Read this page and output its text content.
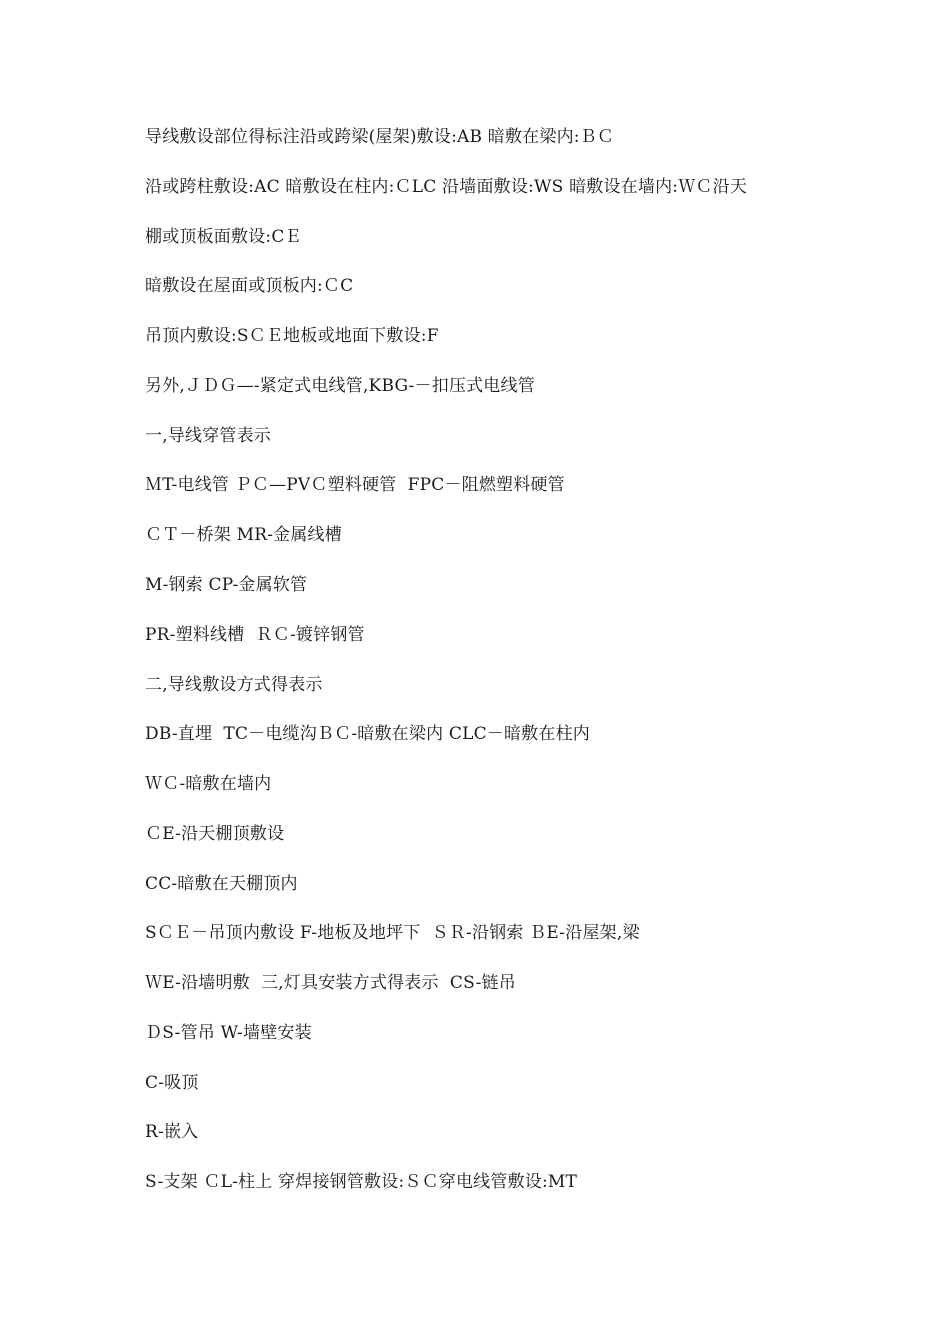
导线敷设部位得标注沿或跨梁(屋架)敷设:AB 暗敷在梁内:ＢＣ

沿或跨柱敷设:AC 暗敷设在柱内:ＣLC 沿墙面敷设:WS 暗敷设在墙内:ＷＣ沿天

棚或顶板面敷设:CＥ

暗敷设在屋面或顶板内:ＣC

吊顶内敷设:SＣＥ地板或地面下敷设:F

另外,ＪＤＧ—-紧定式电线管,KBG-－扣压式电线管

一,导线穿管表示

ＭT-电线管 ＰＣ—PVＣ塑料硬管  FPC－阻燃塑料硬管

ＣＴ－桥架 MR-金属线槽

M-钢索 CP-金属软管

PR-塑料线槽  ＲＣ-镀锌钢管

二,导线敷设方式得表示

DB-直埋  TC－电缆沟ＢＣ-暗敷在梁内 CLC－暗敷在柱内

ＷＣ-暗敷在墙内

ＣE-沿天棚顶敷设

CC-暗敷在天棚顶内

SＣＥ－吊顶内敷设 F-地板及地坪下  ＳＲ-沿钢索 ＢE-沿屋架,梁

ＷE-沿墙明敷  三,灯具安装方式得表示  CS-链吊

ＤS-管吊 W-墙壁安装

C-吸顶

R-嵌入

S-支架 ＣL-柱上 穿焊接钢管敷设:ＳＣ穿电线管敷设:MT
